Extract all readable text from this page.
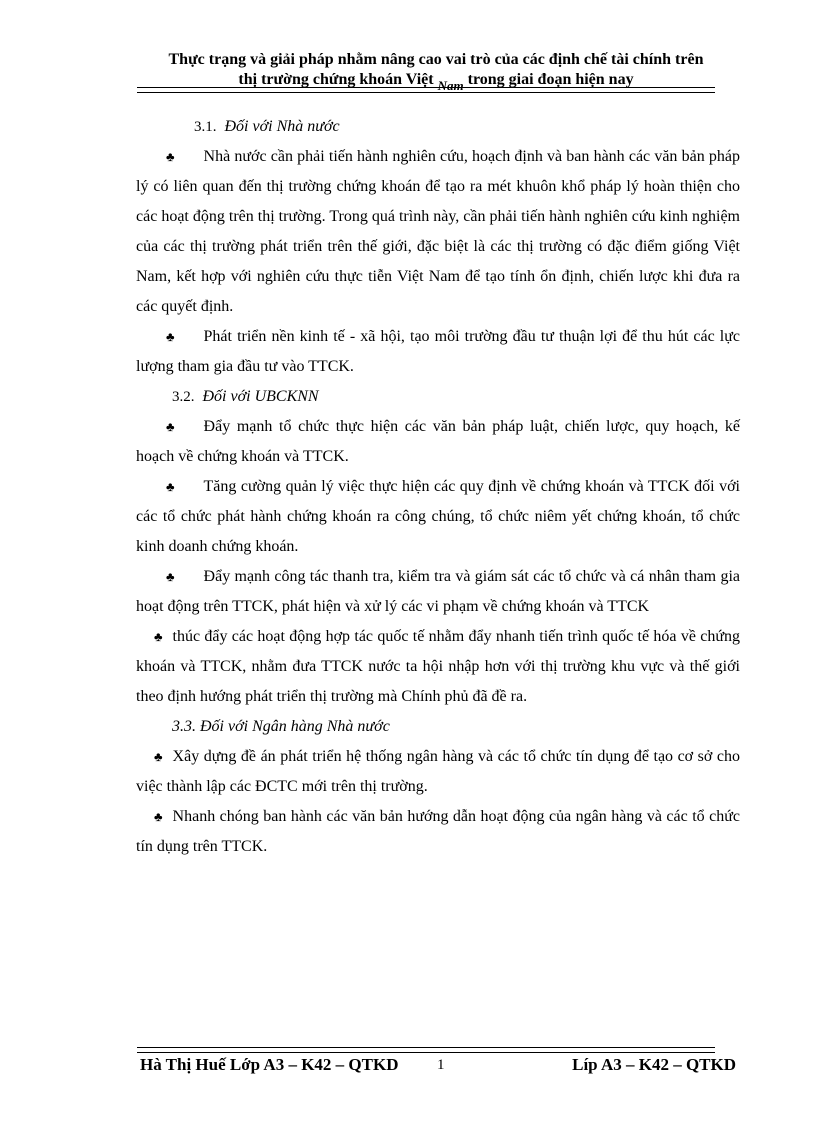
Thực trạng và giải pháp nhằm nâng cao vai trò của các định chế tài chính trên
thị trường chứng khoán Việt $_{Nam}$ trong giai đoạn hiện nay
3.1. Đối với Nhà nước

♣ Nhà nước cần phải tiến hành nghiên cứu, hoạch định và ban hành các văn bản pháp lý có liên quan đến thị trường chứng khoán để tạo ra mét khuôn khổ pháp lý hoàn thiện cho các hoạt động trên thị trường. Trong quá trình này, cần phải tiến hành nghiên cứu kinh nghiệm của các thị trường phát triển trên thế giới, đặc biệt là các thị trường có đặc điểm giống Việt Nam, kết hợp với nghiên cứu thực tiễn Việt Nam để tạo tính ổn định, chiến lược khi đưa ra các quyết định.

♣ Phát triển nền kinh tế - xã hội, tạo môi trường đầu tư thuận lợi để thu hút các lực lượng tham gia đầu tư vào TTCK.

3.2. Đối với UBCKNN

♣ Đẩy mạnh tổ chức thực hiện các văn bản pháp luật, chiến lược, quy hoạch, kế hoạch về chứng khoán và TTCK.

♣ Tăng cường quản lý việc thực hiện các quy định về chứng khoán và TTCK đối với các tổ chức phát hành chứng khoán ra công chúng, tổ chức niêm yết chứng khoán, tổ chức kinh doanh chứng khoán.

♣ Đẩy mạnh công tác thanh tra, kiểm tra và giám sát các tổ chức và cá nhân tham gia hoạt động trên TTCK, phát hiện và xử lý các vi phạm về chứng khoán và TTCK

♣ thúc đẩy các hoạt động hợp tác quốc tế nhằm đẩy nhanh tiến trình quốc tế hóa về chứng khoán và TTCK, nhằm đưa TTCK nước ta hội nhập hơn với thị trường khu vực và thế giới theo định hướng phát triển thị trường mà Chính phủ đã đề ra.

3.3. Đối với Ngân hàng Nhà nước

♣ Xây dựng đề án phát triển hệ thống ngân hàng và các tổ chức tín dụng để tạo cơ sở cho việc thành lập các ĐCTC mới trên thị trường.

♣ Nhanh chóng ban hành các văn bản hướng dẫn hoạt động của ngân hàng và các tổ chức tín dụng trên TTCK.

Hà Thị Huế Lớp A3 – K42 – QTKD	1	Líp A3 – K42 – QTKD
